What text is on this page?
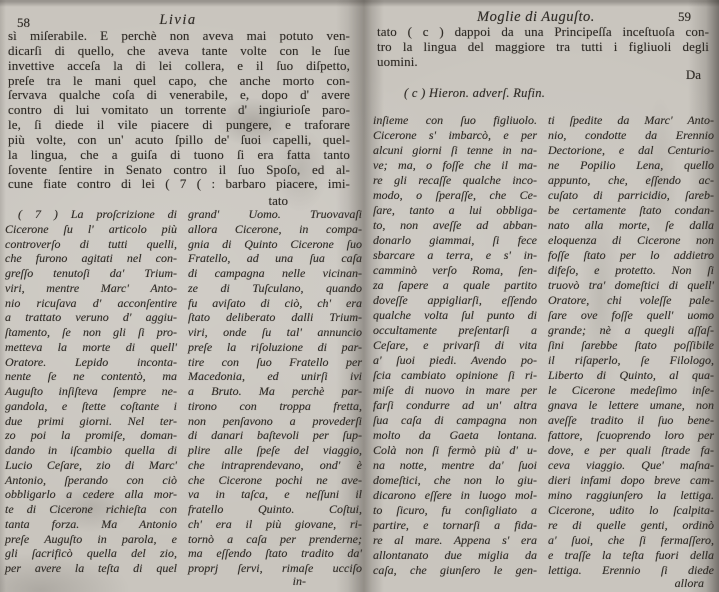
58	Livia	Moglie di Auguſto.	59
sì miſerabile. E perchè non aveva mai potuto ven-
dicarſi di quello, che aveva tante volte con le ſue
invettive acceſa la di lei collera, e il ſuo diſpetto,
preſe tra le mani quel capo, che anche morto con-
ſervava qualche coſa di venerabile, e, dopo d' avere
contro di lui vomitato un torrente d' ingiurioſe paro-
le, ſi diede il vile piacere di pungere, e traforare
più volte, con un' acuto ſpillo de' ſuoi capelli, quel-
la lingua, che a guiſa di tuono ſi era fatta tanto
ſovente ſentire in Senato contro il ſuo Spoſo, ed al-
cune fiate contro di lei ( 7 ( : barbaro piacere, imi-
tato
( 7 ) La proſcrizione di
Cicerone ſu l' articolo più
controverſo di tutti quelli,
che furono agitati nel con-
greſſo tenutoſi da' Trium-
viri, mentre Marc' Anto-
nio ricuſava d' acconſentire
a trattato veruno d' aggiu-
ſtamento, ſe non gli ſi pro-
metteva la morte di quell'
Oratore. Lepido inconta-
nente ſe ne contentò, ma
Auguſto inſiſteva ſempre ne-
gandola, e ſtette coſtante i
due primi giorni. Nel ter-
zo poi la promiſe, doman-
dando in iſcambio quella di
Lucio Ceſare, zio di Marc'
Antonio, ſperando con ciò
obbligarlo a cedere alla mor-
te di Cicerone richieſta con
tanta forza. Ma Antonio
preſe Auguſto in parola, e
gli ſacrificò quella del zio,
per avere la teſta di quel
grand' Uomo. Truovavaſi
allora Cicerone, in compa-
gnia di Quinto Cicerone ſuo
Fratello, ad una ſua caſa
di campagna nelle vicinan-
ze di Tuſculano, quando
fu aviſato di ciò, ch' era
ſtato deliberato dalli Trium-
viri, onde ſu tal' annuncio
preſe la riſoluzione di par-
tire con ſuo Fratello per
Macedonia, ed unirſi ivi
a Bruto. Ma perchè par-
tirono con troppa fretta,
non penſavono a provederſi
di danari baſtevoli per ſup-
plire alle ſpeſe del viaggio,
che intraprendevano, ond' è
che Cicerone pochi ne ave-
va in taſca, e neſſuni il
fratello Quinto. Coſtui,
ch' era il più giovane, ri-
tornò a caſa per prenderne;
ma eſſendo ſtato tradito da'
proprj ſervi, rimaſe ucciſo
in-
tato ( c ) dappoi da una Principeſſa inceſtuoſa con-
tro la lingua del maggiore tra tutti i figliuoli degli
uomini.
Da
( c ) Hieron. adverſ. Rufin.
inſieme con ſuo figliuolo.
Cicerone s' imbarcò, e per
alcuni giorni ſi tenne in na-
ve; ma, o foſſe che il ma-
re gli recaſſe qualche inco-
modo, o ſperaſſe, che Ce-
ſare, tanto a lui obbliga-
to, non aveſſe ad abban-
donarlo giammai, ſi fece
sbarcare a terra, e s' in-
camminò verſo Roma, ſen-
za ſapere a quale partito
doveſſe appigliarſi, eſſendo
qualche volta ſul punto di
occultamente preſentarſi a
Ceſare, e privarſi di vita
a' ſuoi piedi. Avendo po-
ſcia cambiato opinione ſi ri-
miſe di nuovo in mare per
farſi condurre ad un' altra
ſua caſa di campagna non
molto da Gaeta lontana.
Colà non ſi fermò più d' u-
na notte, mentre da' ſuoi
domeſtici, che non lo giu-
dicarono eſſere in luogo mol-
to ſicuro, fu conſigliato a
partire, e tornarſi a fida-
re al mare. Appena s' era
allontanato due miglia da
caſa, che giunſero le gen-
ti ſpedite da Marc' Anto-
nio, condotte da Erennio
Dectorione, e dal Centurio-
ne Popilio Lena, quello
appunto, che, eſſendo ac-
cuſato di parricidio, ſareb-
be certamente ſtato condan-
nato alla morte, ſe dalla
eloquenza di Cicerone non
foſſe ſtato per lo addietro
difeſo, e protetto. Non ſi
truovò tra' domeſtici di quell'
Oratore, chi voleſſe pale-
ſare ove foſſe quell' uomo
grande; nè a quegli aſſaſ-
ſini ſarebbe ſtato poſſibile
il riſaperlo, ſe Filologo,
Liberto di Quinto, al qua-
le Cicerone medeſimo inſe-
gnava le lettere umane, non
aveſſe tradito il ſuo bene-
fattore, ſcuoprendo loro per
dove, e per quali ſtrade fa-
ceva viaggio. Que' maſna-
dieri infami dopo breve cam-
mino raggiunſero la lettiga.
Cicerone, udito lo ſcalpita-
re di quelle genti, ordinò
a' ſuoi, che ſi fermaſſero,
e traſſe la teſta fuori della
lettiga. Erennio ſi diede
allora
